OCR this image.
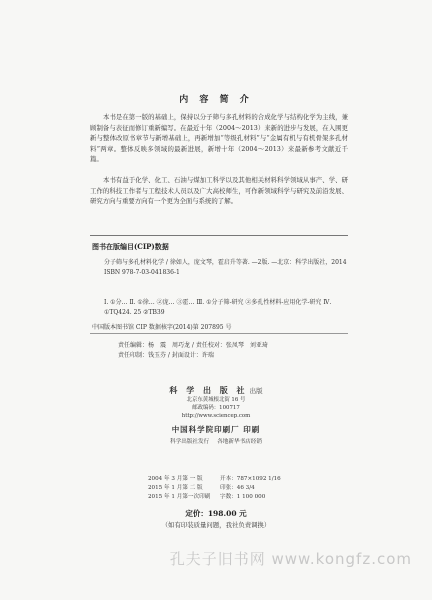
内 容 简 介
本书是在第一版的基础上，保持以分子筛与多孔材料的合成化学与结构化学为主线，兼顾制备与表征而修订重新编写。在最近十年（2004～2013）来新的进步与发展，在入围更新与整体改原书章节与新增基础上，再新增加“等级孔材料”与“金属有机与有机骨架多孔材料”两章。整体反映多领域的最新进展，新增十年（2004～2013）来最新参考文献近千篇。
本书有益于化学、化工、石油与煤加工科学以及其他相关材料科学领域从事产、学、研工作的科技工作者与工程技术人员以及广大高校师生，可作新领域科学与研究及前沿发展、研究方向与重要方向有一个更为全面与系统的了解。
图书在版编目(CIP)数据
分子筛与多孔材料化学 / 徐如人，庞文琴，霍启升等著. —2版. —北京：科学出版社，2014
ISBN 978-7-03-041836-1
Ⅰ. ①分… Ⅱ. ①徐… ②庞… ③霍… Ⅲ. ①分子筛-研究 ②多孔性材料-应用化学-研究 Ⅳ. ①TQ424. 25 ②TB39
中国版本图书馆 CIP 数据核字(2014)第 207895 号
责任编辑：杨　震　周巧龙 / 责任校对：张凤琴　刘亚琦
责任印制：钱玉芬 / 封面设计：许瑞
科 学 出 版 社 出版
北京东黄城根北街 16 号
邮政编码：100717
http://www.sciencep.com
中国科学院印刷厂 印刷
科学出版社发行 各地新华书店经销
2004 年 3 月第 一 版	开本：787×1092 1/16
2015 年 1 月第 二 版	印张：46 3/4
2015 年 1 月第一次印刷 字数：1 100 000
定价：198.00 元
（如有印装质量问题，我社负责调换）
孔夫子旧书网 www.kongfz.com
